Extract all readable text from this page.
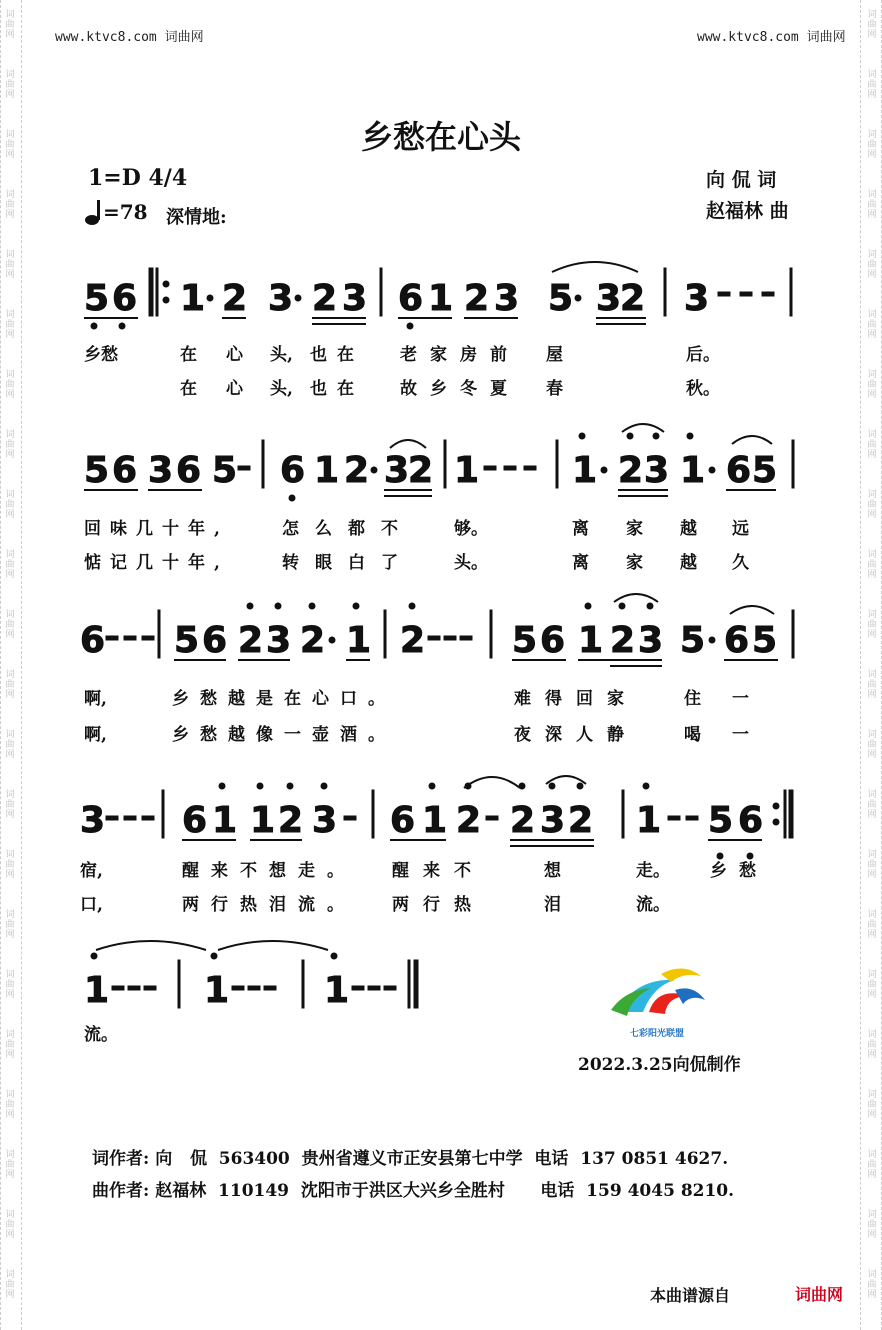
词曲网
词曲网
词曲网
词曲网
词曲网
词曲网
词曲网
词曲网
词曲网
词曲网
词曲网
词曲网
词曲网
词曲网
词曲网
词曲网
词曲网
词曲网
词曲网
词曲网
词曲网
词曲网
词曲网
词曲网
词曲网
词曲网
词曲网
词曲网
词曲网
词曲网
词曲网
词曲网
词曲网
词曲网
词曲网
词曲网
词曲网
词曲网
词曲网
词曲网
词曲网
词曲网
词曲网
词曲网
www.ktvc8.com 词曲网	www.ktvc8.com 词曲网
乡愁在心头
1=D 4/4
=78 深情地:
向 侃 词
赵福林 曲
5 6 1 2 3 2 3 6 1 2 3 5 3
2 3
5 6 3 6 5 6 1 2 3
2 1	1 2 3 1 6 5
6 5 6 2 3 2 1 2 5 6 1 2 3 5 6 5
3 6 1 1 2 3 6 1 2 2 3 2 1 5 6
1	1	1
乡愁	在 心 头, 也在 老家房前 屋	后。
在 心 头, 也在 故乡冬夏 春	秋。
回味几十年,	怎么都不 够。	离 家 越 远
惦记几十年,	转眼白了 头。	离 家 越 久
啊,	乡愁越是在心口。	难得回家	住 一
啊,	乡愁越像一壶酒。	夜深人静	喝 一
宿,	醒来不想走。 醒来不	想	走。 乡愁
口,	两行热泪流。 两行热	泪	流。
流。	七彩阳光联盟
2022.3.25向侃制作
词作者: 向   侃  563400  贵州省遵义市正安县第七中学  电话  137 0851 4627.
曲作者: 赵福林  110149  沈阳市于洪区大兴乡全胜村      电话  159 4045 8210.
本曲谱源自	词曲网
